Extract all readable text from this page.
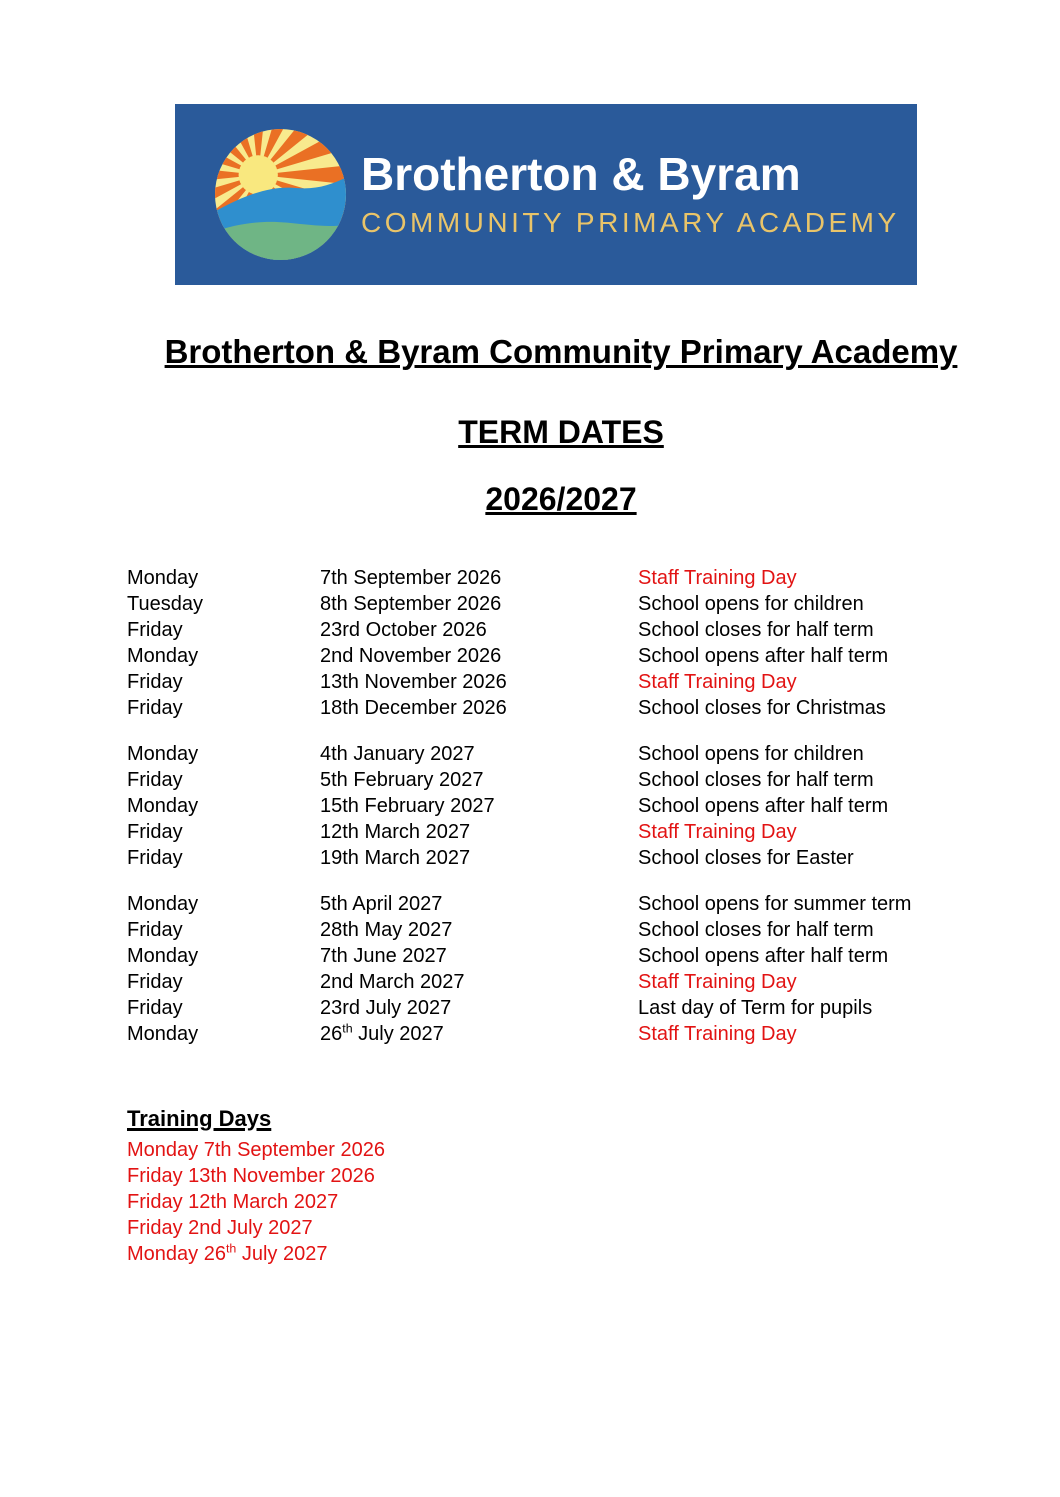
Brotherton & Byram
COMMUNITY PRIMARY ACADEMY
Brotherton & Byram Community Primary Academy
TERM DATES
2026/2027
Monday	7th September 2026	Staff Training Day
Tuesday	8th September 2026	School opens for children
Friday	23rd October 2026	School closes for half term
Monday	2nd November 2026	School opens after half term
Friday	13th November 2026	Staff Training Day
Friday	18th December 2026	School closes for Christmas
Monday	4th January 2027	School opens for children
Friday	5th February 2027	School closes for half term
Monday	15th February 2027	School opens after half term
Friday	12th March 2027	Staff Training Day
Friday	19th March 2027	School closes for Easter
Monday	5th April 2027	School opens for summer term
Friday	28th May 2027	School closes for half term
Monday	7th June 2027	School opens after half term
Friday	2nd March 2027	Staff Training Day
Friday	23rd July 2027	Last day of Term for pupils
Monday	26th July 2027	Staff Training Day
Training Days
Monday 7th September 2026
Friday 13th November 2026
Friday 12th March 2027
Friday 2nd July 2027
Monday 26th July 2027
